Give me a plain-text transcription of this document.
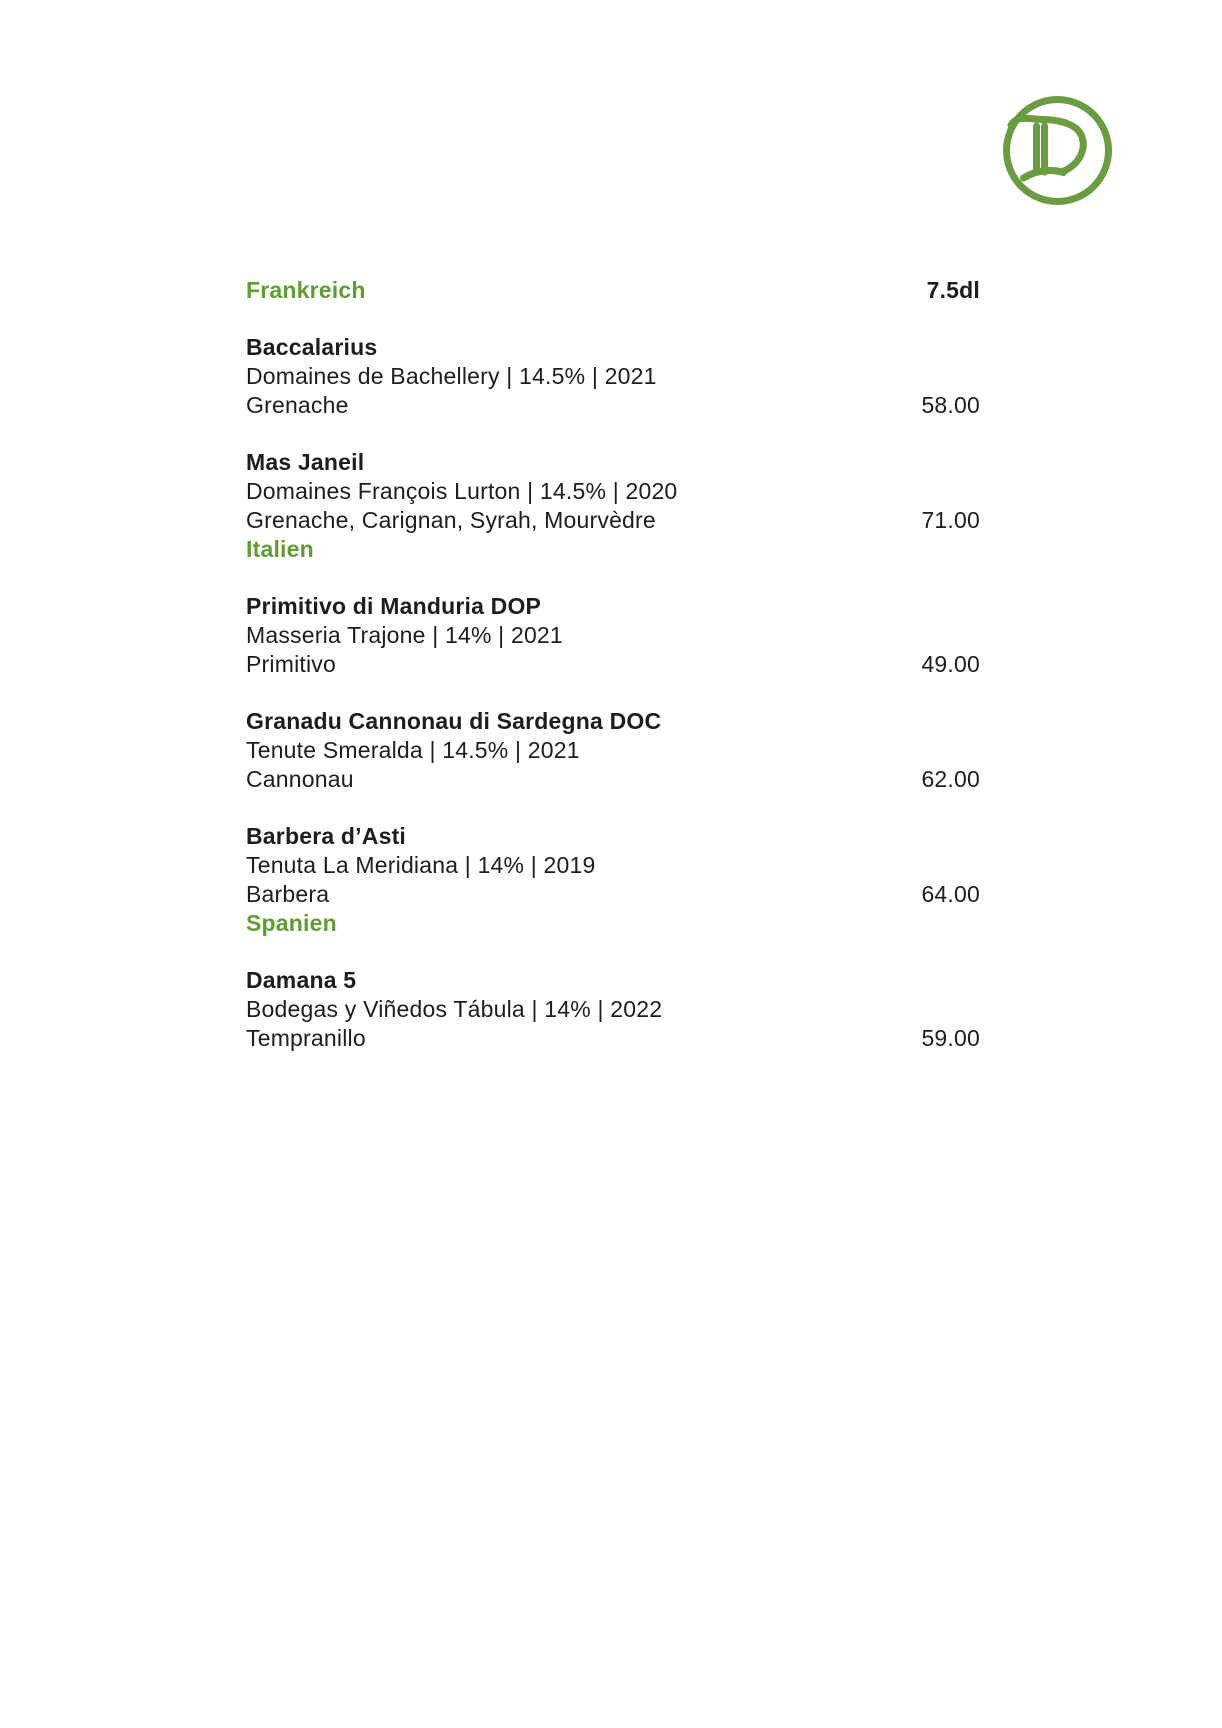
Frankreich	7.5dl
Baccalarius
Domaines de Bachellery | 14.5% | 2021
Grenache	58.00
Mas Janeil
Domaines François Lurton | 14.5% | 2020
Grenache, Carignan, Syrah, Mourvèdre	71.00
Italien
Primitivo di Manduria DOP
Masseria Trajone | 14% | 2021
Primitivo	49.00
Granadu Cannonau di Sardegna DOC
Tenute Smeralda | 14.5% | 2021
Cannonau	62.00
Barbera d’Asti
Tenuta La Meridiana | 14% | 2019
Barbera	64.00
Spanien
Damana 5
Bodegas y Viñedos Tábula | 14% | 2022
Tempranillo	59.00
